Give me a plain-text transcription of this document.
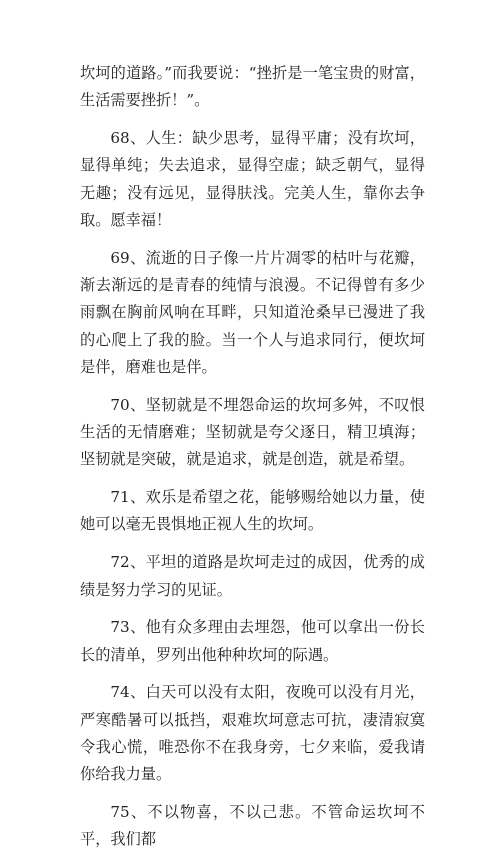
坎坷的道路。”而我要说：“挫折是一笔宝贵的财富，生活需要挫折！”。

68、人生：缺少思考，显得平庸；没有坎坷，显得单纯；失去追求，显得空虚；缺乏朝气，显得无趣；没有远见，显得肤浅。完美人生，靠你去争取。愿幸福！

69、流逝的日子像一片片凋零的枯叶与花瓣，渐去渐远的是青春的纯情与浪漫。不记得曾有多少雨飘在胸前风响在耳畔，只知道沧桑早已漫进了我的心爬上了我的脸。当一个人与追求同行，便坎坷是伴，磨难也是伴。

70、坚韧就是不埋怨命运的坎坷多舛，不叹恨生活的无情磨难；坚韧就是夸父逐日，精卫填海；坚韧就是突破，就是追求，就是创造，就是希望。

71、欢乐是希望之花，能够赐给她以力量，使她可以毫无畏惧地正视人生的坎坷。

72、平坦的道路是坎坷走过的成因，优秀的成绩是努力学习的见证。

73、他有众多理由去埋怨，他可以拿出一份长长的清单，罗列出他种种坎坷的际遇。

74、白天可以没有太阳，夜晚可以没有月光，严寒酷暑可以抵挡，艰难坎坷意志可抗，凄清寂寞令我心慌，唯恐你不在我身旁，七夕来临，爱我请你给我力量。

75、不以物喜，不以己悲。不管命运坎坷不平，我们都
